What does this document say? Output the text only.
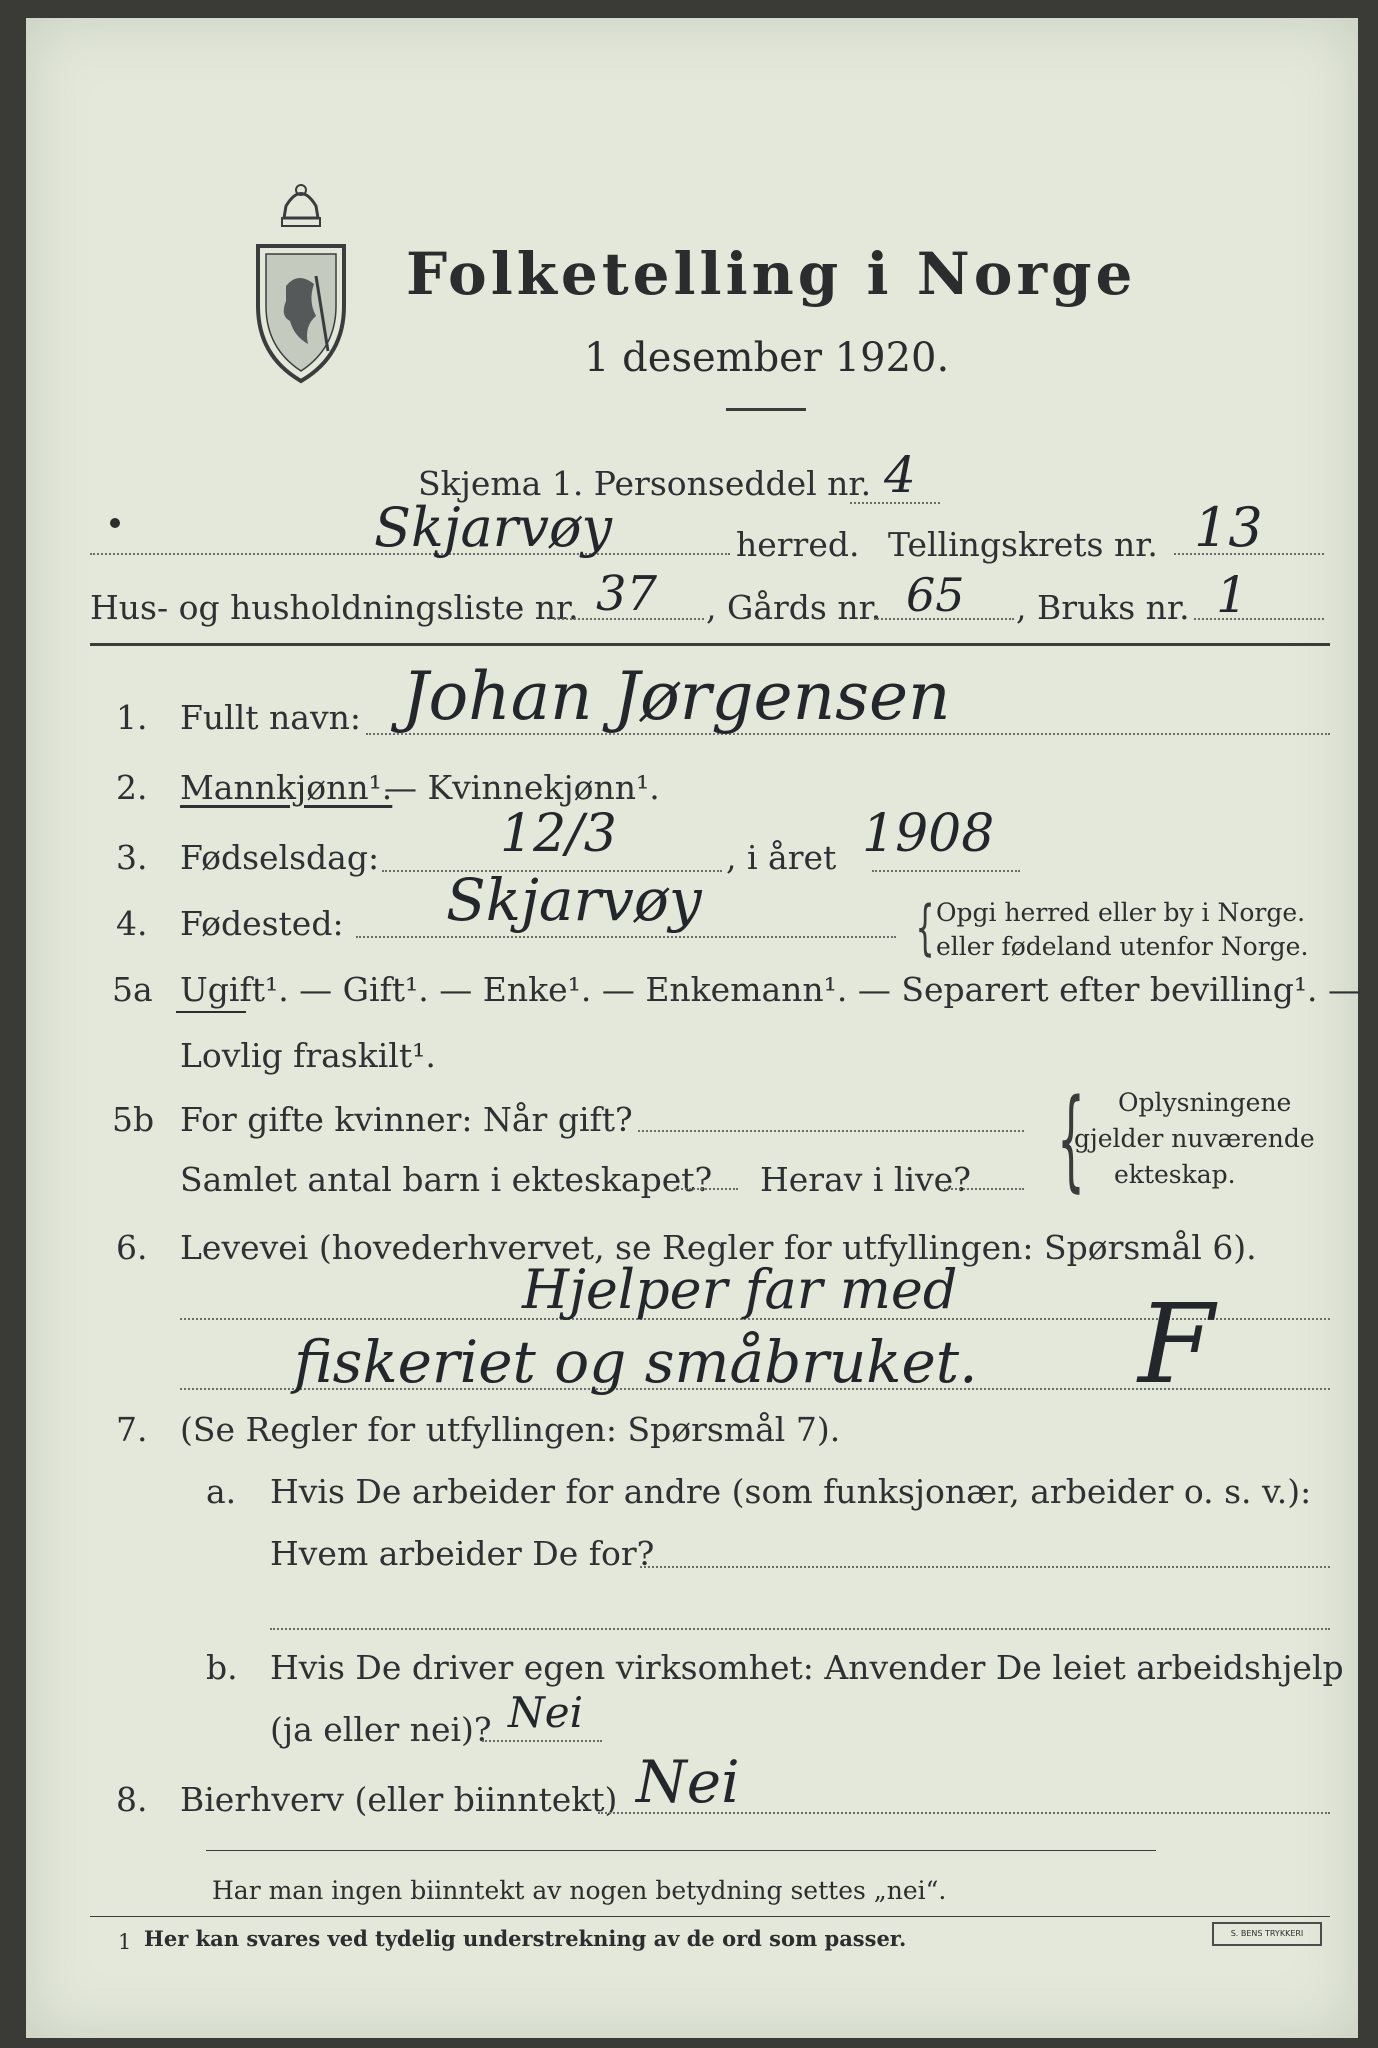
Folketelling i Norge
1 desember 1920.
Skjema 1. Personseddel nr. 4
Skjarvøy	herred. Tellingskrets nr. 13
Hus- og husholdningsliste nr. 37 , Gårds nr. 65 , Bruks nr. 1
1. Fullt navn: Johan Jørgensen
2. Mannkjønn¹.
— Kvinnekjønn¹.
3. Fødselsdag: 12/3	, i året 1908
4. Fødested: Skjarvøy	{ Opgi herred eller by i Norge.
eller fødeland utenfor Norge.
5a Ugift¹. — Gift¹. — Enke¹. — Enkemann¹. — Separert efter bevilling¹. —
Lovlig fraskilt¹.
5b For gifte kvinner: Når gift?
Samlet antal barn i ekteskapet? Herav i live? { Oplysningene
gjelder nuværende
ekteskap.
6. Levevei (hovederhvervet, se Regler for utfyllingen: Spørsmål 6).
Hjelper far med
fiskeriet og småbruket. F
7. (Se Regler for utfyllingen: Spørsmål 7).
a. Hvis De arbeider for andre (som funksjonær, arbeider o. s. v.):
Hvem arbeider De for?
b. Hvis De driver egen virksomhet: Anvender De leiet arbeidshjelp
(ja eller nei)? Nei
8. Bierhverv (eller biinntekt) Nei
Har man ingen biinntekt av nogen betydning settes „nei“.
1 Her kan svares ved tydelig understrekning av de ord som passer.	S. BENS TRYKKERI
